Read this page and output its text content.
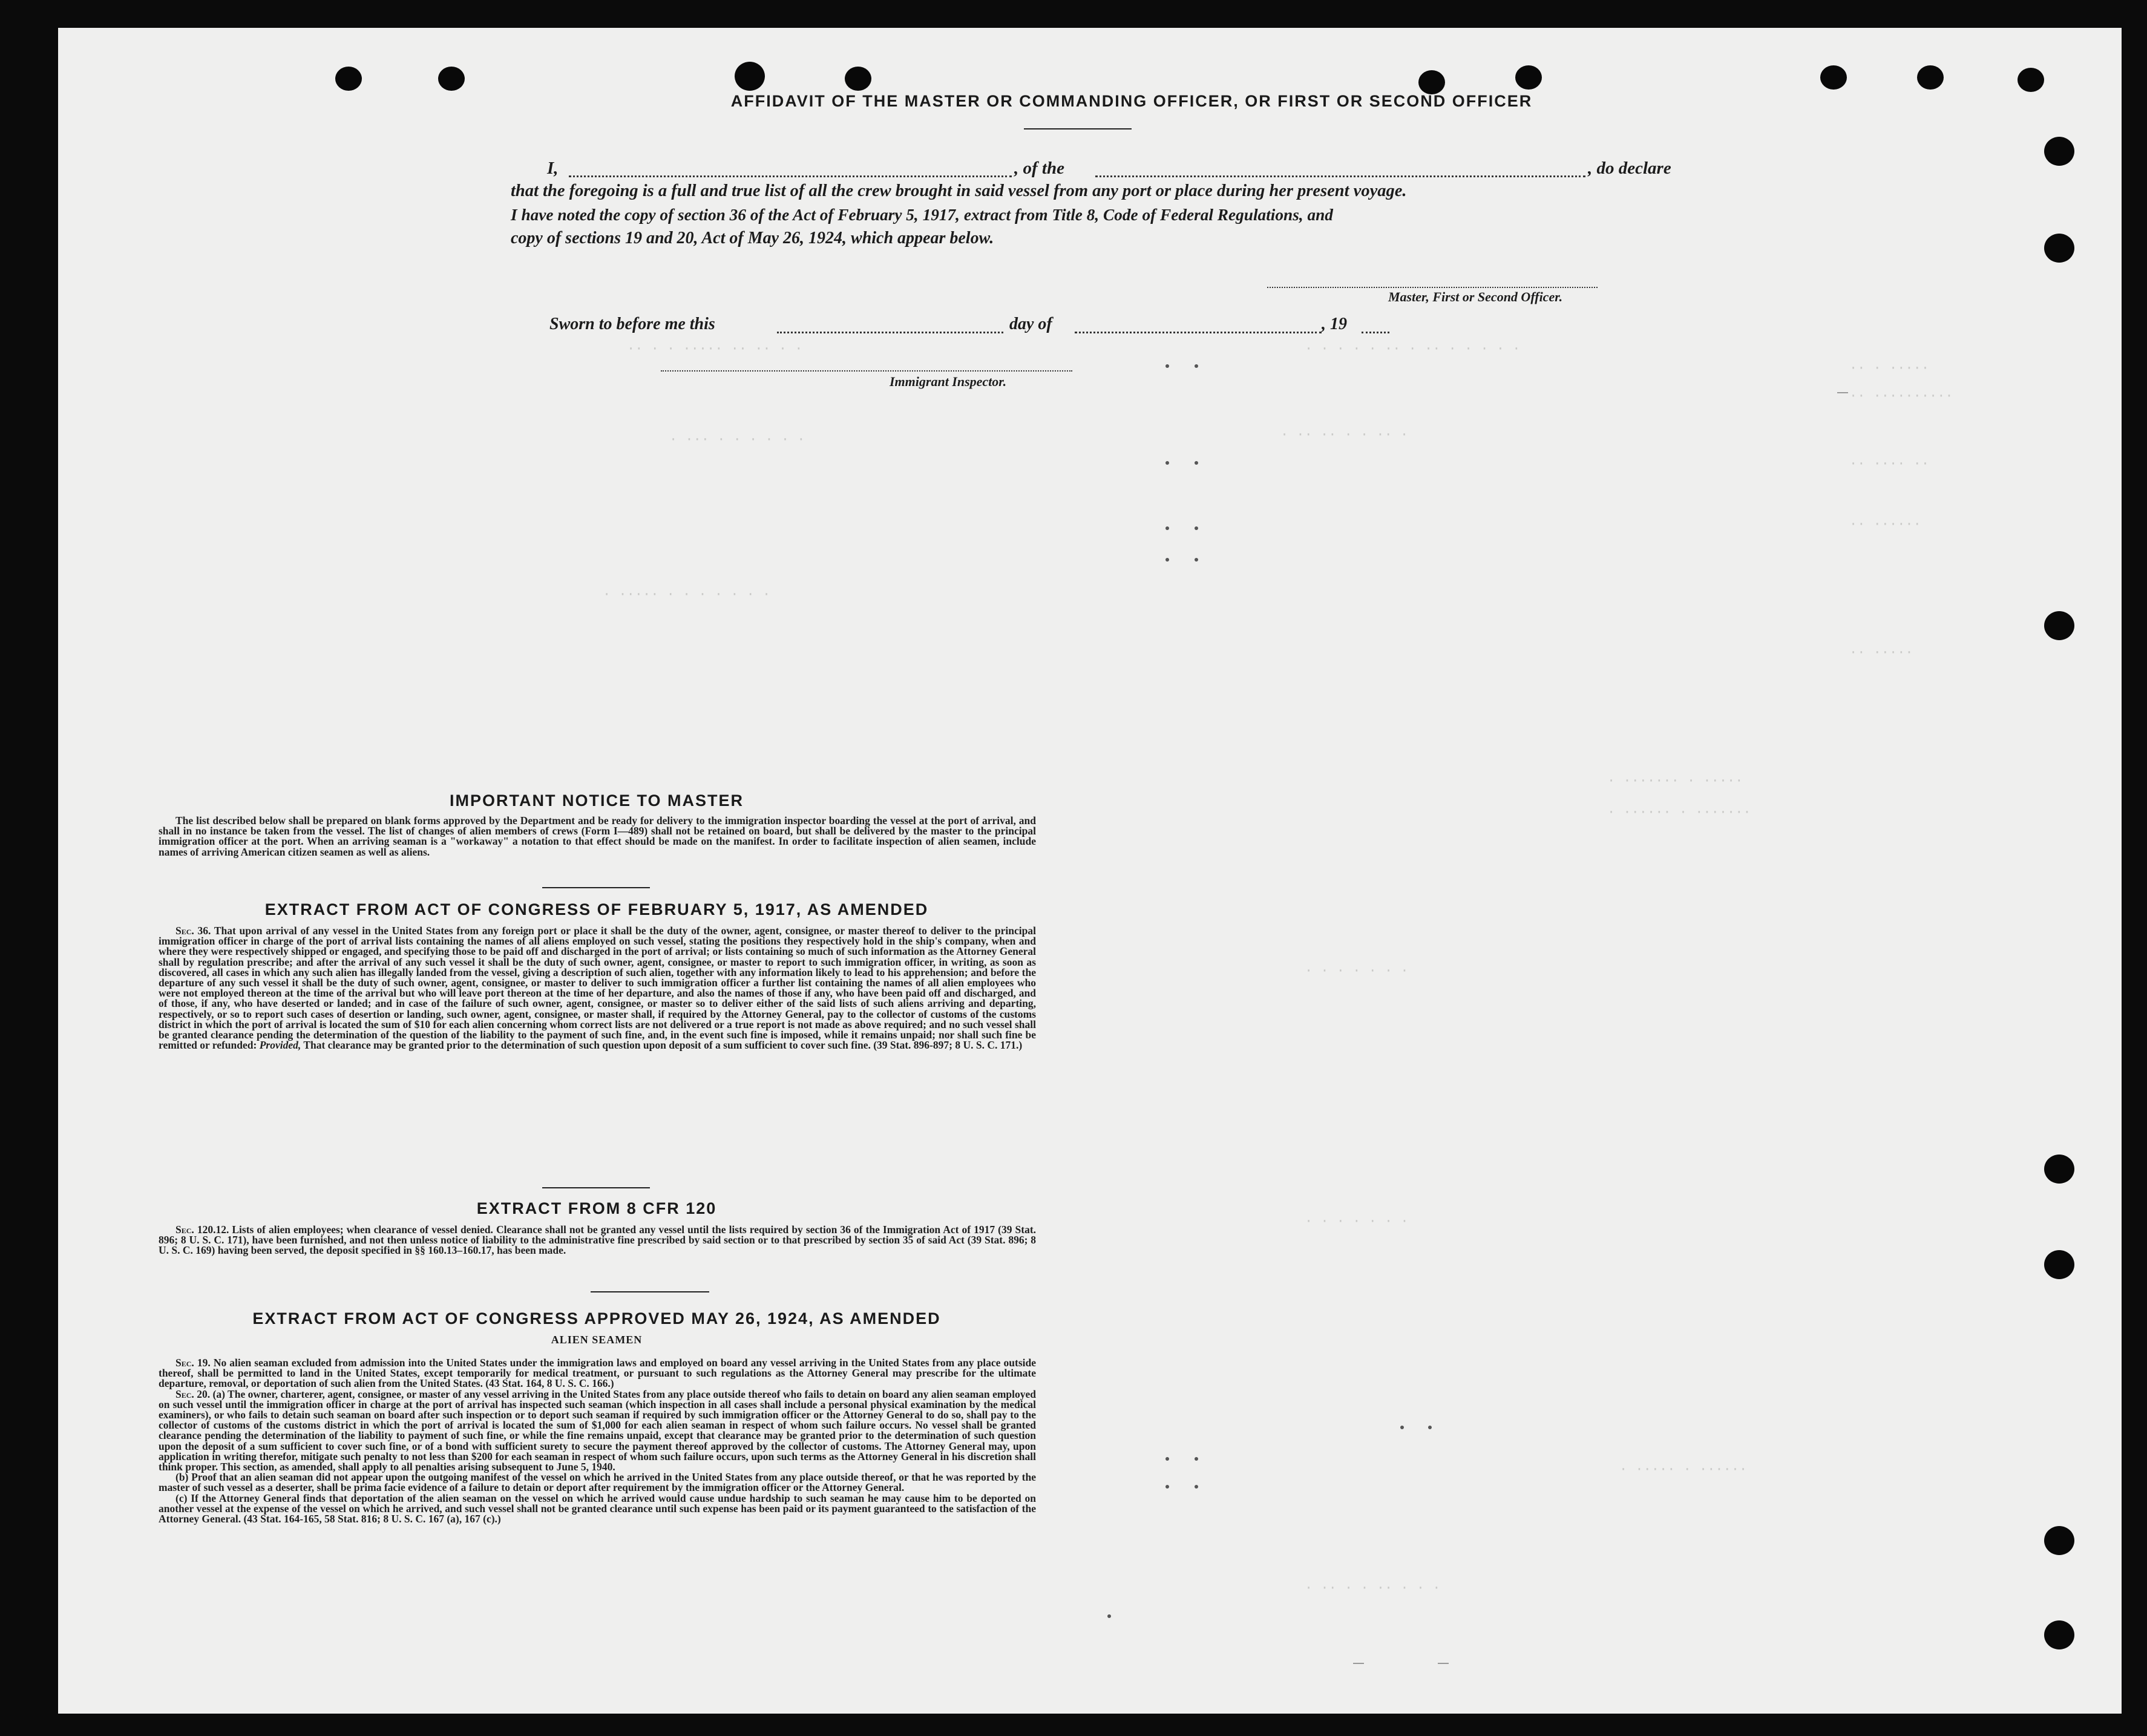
·· · · ····· ·· ·· · ·	· · · · · ·· · ·· · · · · ·
·· · ·····
·· ··········
· ··· · · · · · ·	· ·· ·· · · ·· ·
·· ···· ··
·· ······
· ····· · · · · · · ·
·· ·····
· ······· · ·····
· ······ · ·······
· · · · · · ·
· · · · · · ·
· ····· · ······
· ·· · · ·· · · ·
AFFIDAVIT OF THE MASTER OR COMMANDING OFFICER, OR FIRST OR SECOND OFFICER
I,	, of the	, do declare
that the foregoing is a full and true list of all the crew brought in said vessel from any port or place during her present voyage.
I have noted the copy of section 36 of the Act of February 5, 1917, extract from Title 8, Code of Federal Regulations, and
copy of sections 19 and 20, Act of May 26, 1924, which appear below.
Master, First or Second Officer.
Sworn to before me this	day of	, 19
Immigrant Inspector.
IMPORTANT NOTICE TO MASTER

The list described below shall be prepared on blank forms approved by the Department and be ready for delivery to the immigration inspector boarding the vessel at the port of arrival, and shall in no instance be taken from the vessel. The list of changes of alien members of crews (Form I—489) shall not be retained on board, but shall be delivered by the master to the principal immigration officer at the port. When an arriving seaman is a "workaway" a notation to that effect should be made on the manifest. In order to facilitate inspection of alien seamen, include names of arriving American citizen seamen as well as aliens.

EXTRACT FROM ACT OF CONGRESS OF FEBRUARY 5, 1917, AS AMENDED

Sec. 36. That upon arrival of any vessel in the United States from any foreign port or place it shall be the duty of the owner, agent, consignee, or master thereof to deliver to the principal immigration officer in charge of the port of arrival lists containing the names of all aliens employed on such vessel, stating the positions they respectively hold in the ship's company, when and where they were respectively shipped or engaged, and specifying those to be paid off and discharged in the port of arrival; or lists containing so much of such information as the Attorney General shall by regulation prescribe; and after the arrival of any such vessel it shall be the duty of such owner, agent, consignee, or master to report to such immigration officer, in writing, as soon as discovered, all cases in which any such alien has illegally landed from the vessel, giving a description of such alien, together with any information likely to lead to his apprehension; and before the departure of any such vessel it shall be the duty of such owner, agent, consignee, or master to deliver to such immigration officer a further list containing the names of all alien employees who were not employed thereon at the time of the arrival but who will leave port thereon at the time of her departure, and also the names of those if any, who have been paid off and discharged, and of those, if any, who have deserted or landed; and in case of the failure of such owner, agent, consignee, or master so to deliver either of the said lists of such aliens arriving and departing, respectively, or so to report such cases of desertion or landing, such owner, agent, consignee, or master shall, if required by the Attorney General, pay to the collector of customs of the customs district in which the port of arrival is located the sum of $10 for each alien concerning whom correct lists are not delivered or a true report is not made as above required; and no such vessel shall be granted clearance pending the determination of the question of the liability to the payment of such fine, and, in the event such fine is imposed, while it remains unpaid; nor shall such fine be remitted or refunded: Provided, That clearance may be granted prior to the determination of such question upon deposit of a sum sufficient to cover such fine. (39 Stat. 896-897; 8 U. S. C. 171.)

EXTRACT FROM 8 CFR 120

Sec. 120.12. Lists of alien employees; when clearance of vessel denied. Clearance shall not be granted any vessel until the lists required by section 36 of the Immigration Act of 1917 (39 Stat. 896; 8 U. S. C. 171), have been furnished, and not then unless notice of liability to the administrative fine prescribed by said section or to that prescribed by section 35 of said Act (39 Stat. 896; 8 U. S. C. 169) having been served, the deposit specified in §§ 160.13–160.17, has been made.

EXTRACT FROM ACT OF CONGRESS APPROVED MAY 26, 1924, AS AMENDED
ALIEN SEAMEN

Sec. 19. No alien seaman excluded from admission into the United States under the immigration laws and employed on board any vessel arriving in the United States from any place outside thereof, shall be permitted to land in the United States, except temporarily for medical treatment, or pursuant to such regulations as the Attorney General may prescribe for the ultimate departure, removal, or deportation of such alien from the United States. (43 Stat. 164, 8 U. S. C. 166.)

Sec. 20. (a) The owner, charterer, agent, consignee, or master of any vessel arriving in the United States from any place outside thereof who fails to detain on board any alien seaman employed on such vessel until the immigration officer in charge at the port of arrival has inspected such seaman (which inspection in all cases shall include a personal physical examination by the medical examiners), or who fails to detain such seaman on board after such inspection or to deport such seaman if required by such immigration officer or the Attorney General to do so, shall pay to the collector of customs of the customs district in which the port of arrival is located the sum of $1,000 for each alien seaman in respect of whom such failure occurs. No vessel shall be granted clearance pending the determination of the liability to payment of such fine, or while the fine remains unpaid, except that clearance may be granted prior to the determination of such question upon the deposit of a sum sufficient to cover such fine, or of a bond with sufficient surety to secure the payment thereof approved by the collector of customs. The Attorney General may, upon application in writing therefor, mitigate such penalty to not less than $200 for each seaman in respect of whom such failure occurs, upon such terms as the Attorney General in his discretion shall think proper. This section, as amended, shall apply to all penalties arising subsequent to June 5, 1940.

(b) Proof that an alien seaman did not appear upon the outgoing manifest of the vessel on which he arrived in the United States from any place outside thereof, or that he was reported by the master of such vessel as a deserter, shall be prima facie evidence of a failure to detain or deport after requirement by the immigration officer or the Attorney General.

(c) If the Attorney General finds that deportation of the alien seaman on the vessel on which he arrived would cause undue hardship to such seaman he may cause him to be deported on another vessel at the expense of the vessel on which he arrived, and such vessel shall not be granted clearance until such expense has been paid or its payment guaranteed to the satisfaction of the Attorney General. (43 Stat. 164-165, 58 Stat. 816; 8 U. S. C. 167 (a), 167 (c).)
